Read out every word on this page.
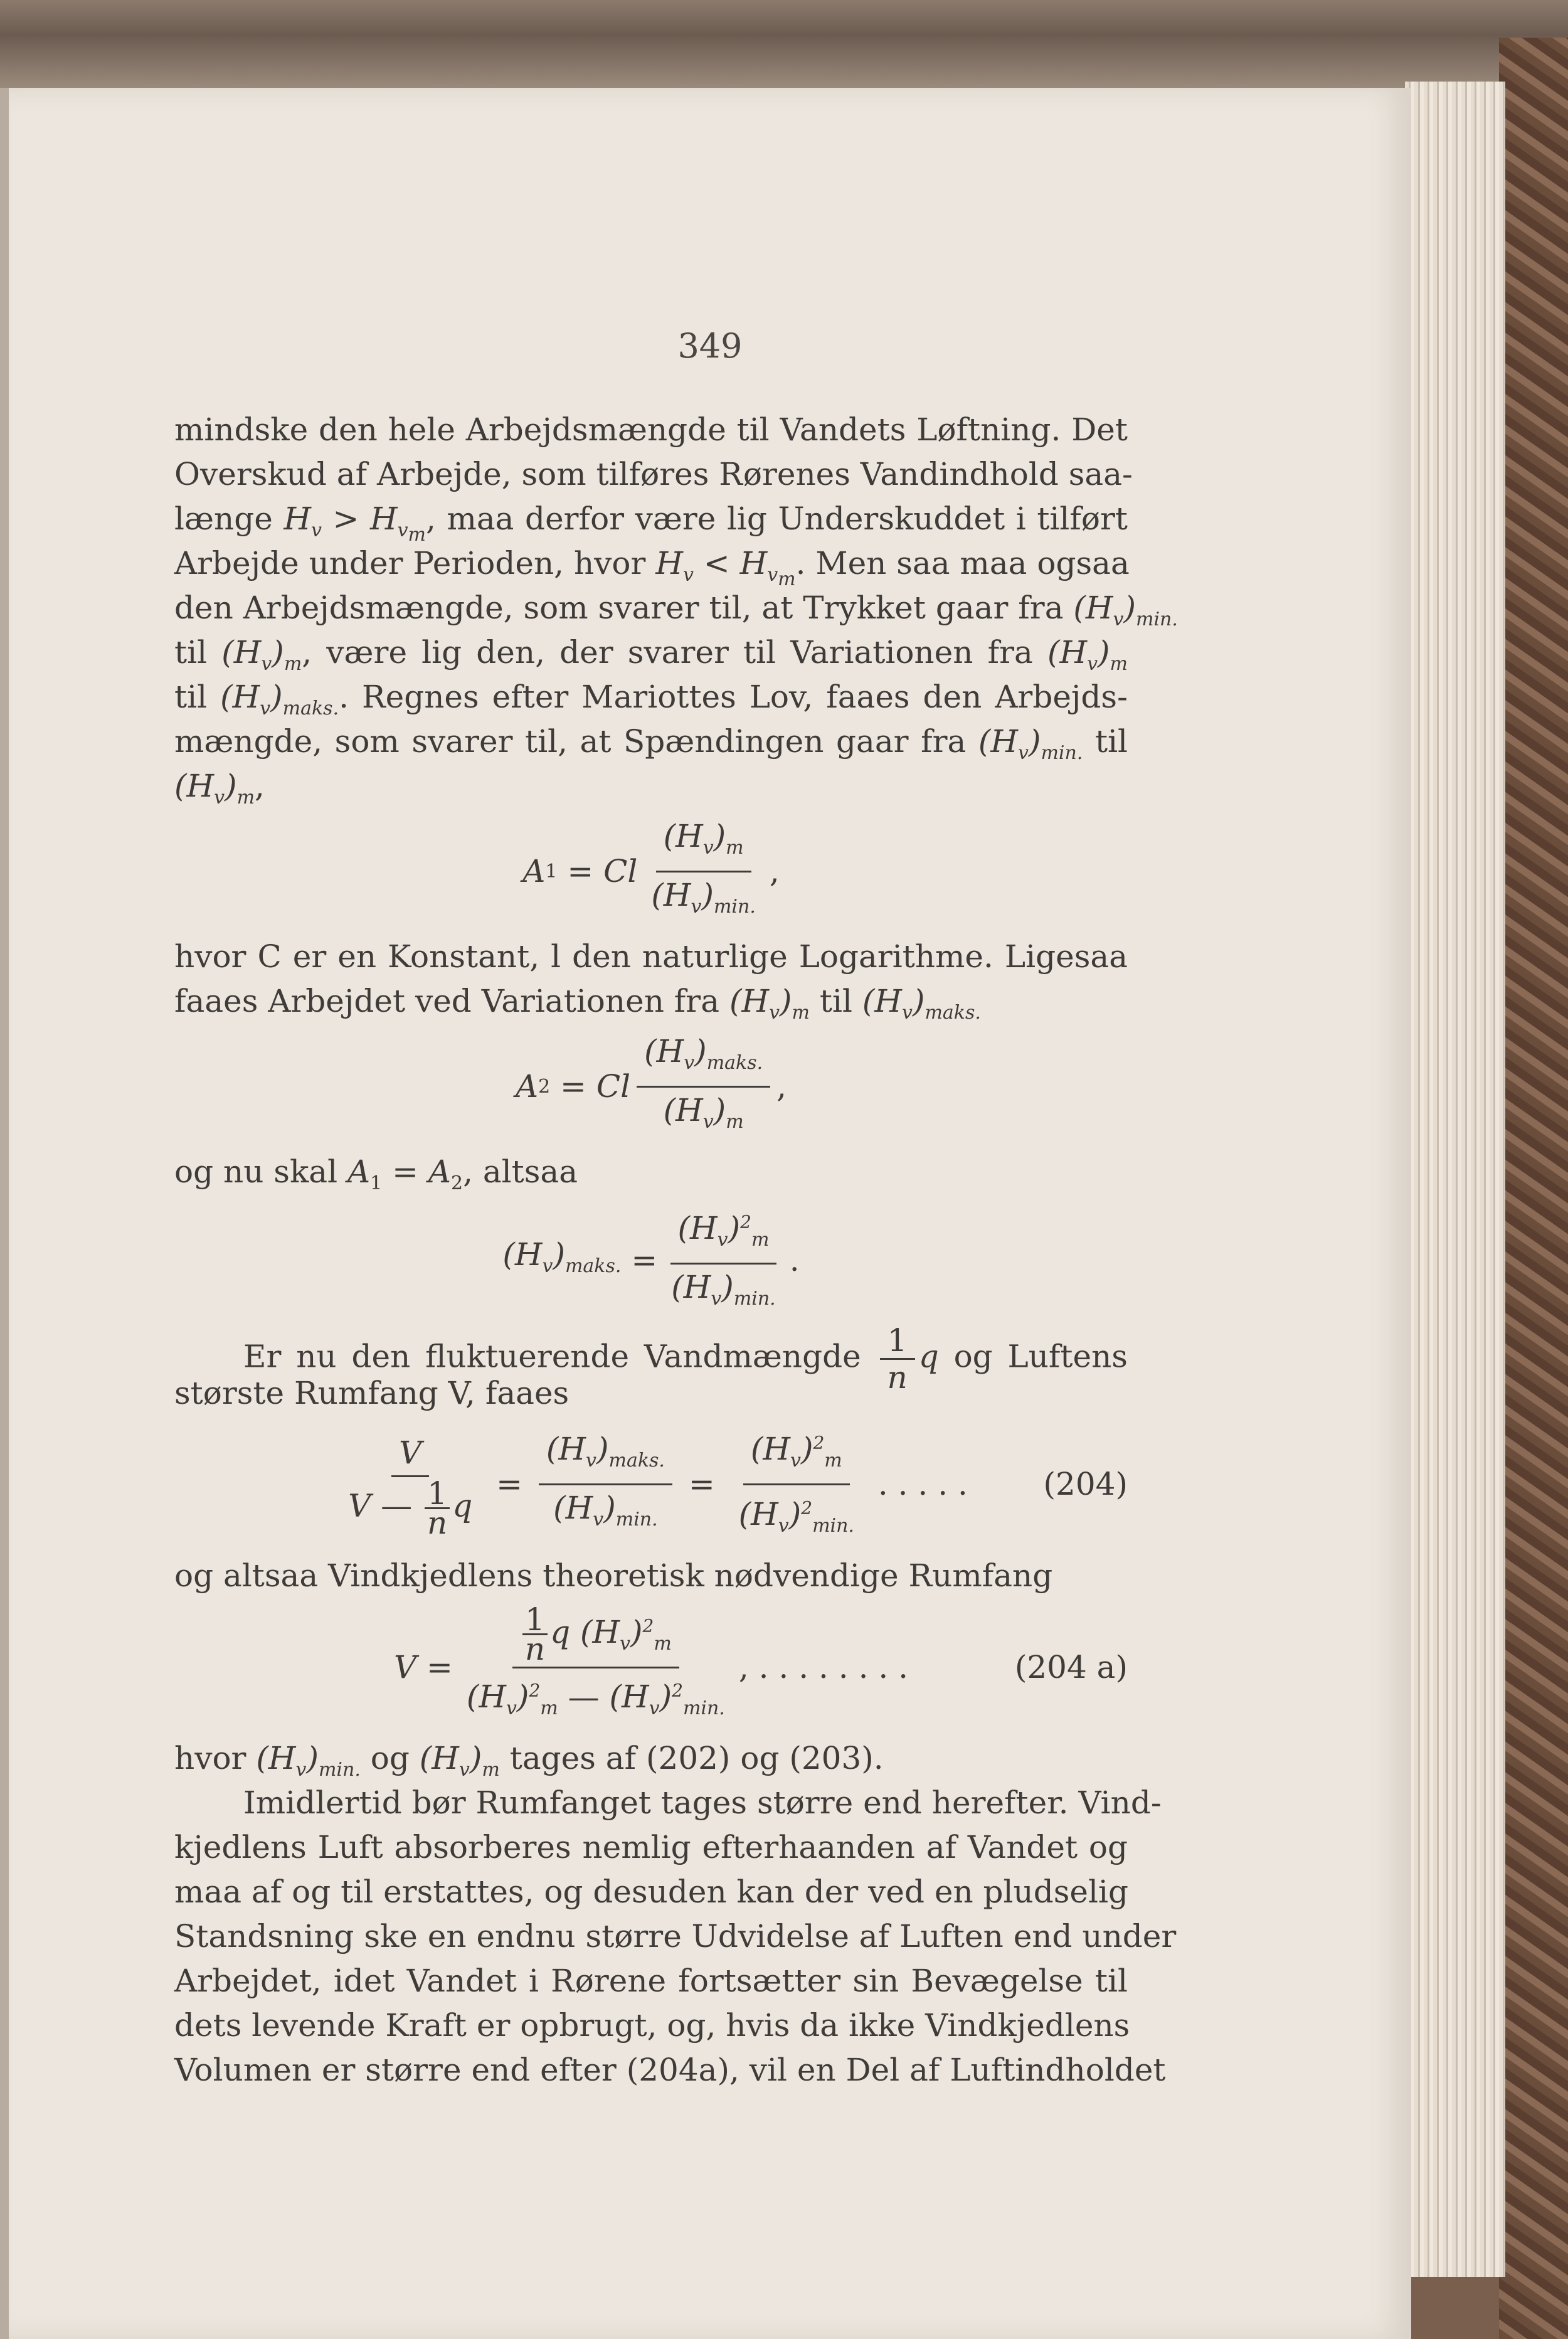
349
mindske den hele Arbejdsmængde til Vandets Løftning. Det
Overskud af Arbejde, som tilføres Rørenes Vandindhold saa-
længe $H_v > H_{v_m}$, maa derfor være lig Underskuddet i tilført
Arbejde under Perioden, hvor $H_v < H_{v_m}$. Men saa maa ogsaa
den Arbejdsmængde, som svarer til, at Trykket gaar fra $(H_v)_{min.}$
til $(H_v)_m$, være lig den, der svarer til Variationen fra $(H_v)_m$
til $(H_v)_{maks.}$. Regnes efter Mariottes Lov, faaes den Arbejds-
mængde, som svarer til, at Spændingen gaar fra $(H_v)_{min.}$ til
$(H_v)_m$,
A 1 = Cl $\frac{(H_v)_m}{(H_v)_{min.}}$ ,
hvor C er en Konstant, l den naturlige Logarithme. Ligesaa
faaes Arbejdet ved Variationen fra $(H_v)_m$ til $(H_v)_{maks.}$
A 2 = Cl $\frac{(H_v)_{maks.}}{(H_v)_m}$ ,
og nu skal $A_1 = A_2$, altsaa
$(H_v)_{maks.} = \frac{(H_v)^2_m}{(H_v)_{min.}}$ .
Er nu den fluktuerende Vandmængde $\frac{1}{n}$ q og Luftens
største Rumfang V, faaes
$\frac{V}{V — \frac{1}{n} q} = \frac{(H_v)_{maks.}}{(H_v)_{min.}} = \frac{(H_v)^2_m}{(H_v)^2_{min.}}$ . . . . . (204)
og altsaa Vindkjedlens theoretisk nødvendige Rumfang
$V = \frac{\frac{1}{n} q (H_v)^2_m}{(H_v)^2_m — (H_v)^2_{min.}}$ , . . . . . . . .	(204 a)
hvor $(H_v)_{min.}$ og $(H_v)_m$ tages af (202) og (203).
Imidlertid bør Rumfanget tages større end herefter. Vind-
kjedlens Luft absorberes nemlig efterhaanden af Vandet og
maa af og til erstattes, og desuden kan der ved en pludselig
Standsning ske en endnu større Udvidelse af Luften end under
Arbejdet, idet Vandet i Rørene fortsætter sin Bevægelse til
dets levende Kraft er opbrugt, og, hvis da ikke Vindkjedlens
Volumen er større end efter (204a), vil en Del af Luftindholdet
